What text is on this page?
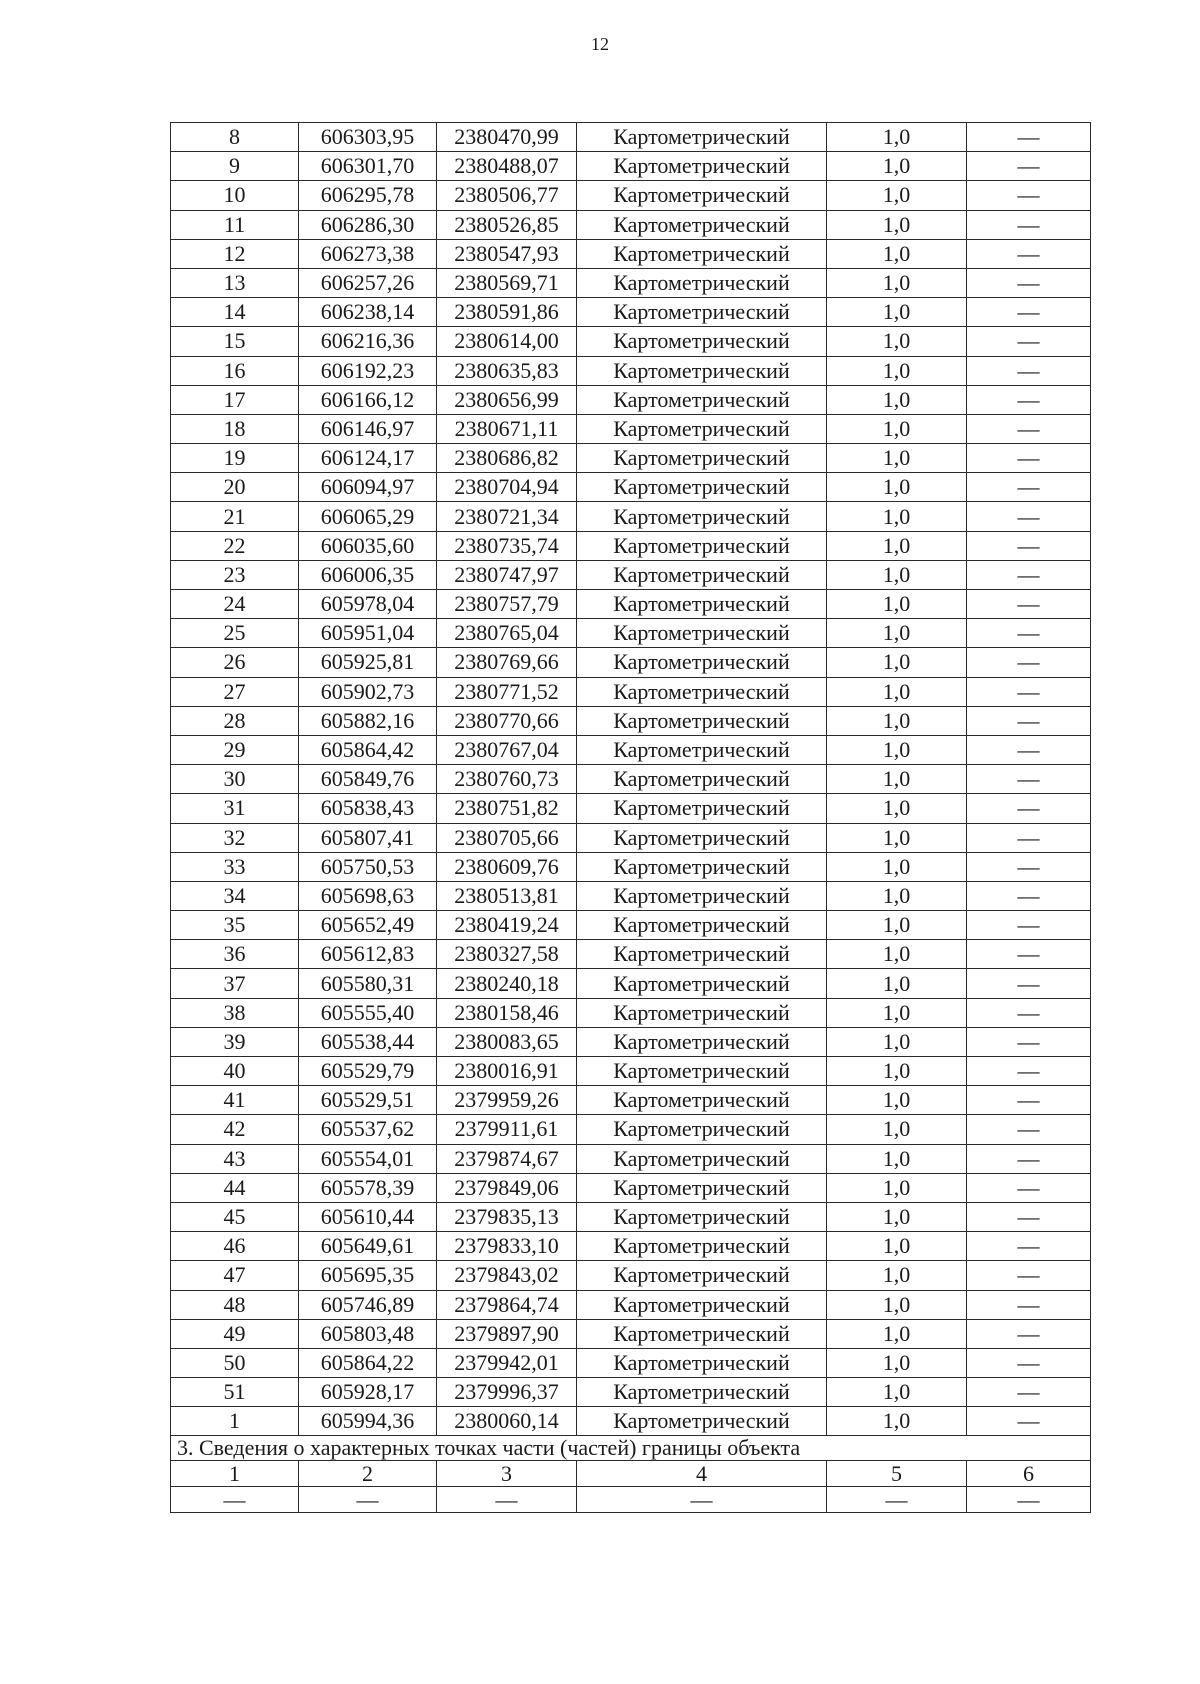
12
8	606303,95	2380470,99	Картометрический	1,0	—
9	606301,70	2380488,07	Картометрический	1,0	—
10	606295,78	2380506,77	Картометрический	1,0	—
11	606286,30	2380526,85	Картометрический	1,0	—
12	606273,38	2380547,93	Картометрический	1,0	—
13	606257,26	2380569,71	Картометрический	1,0	—
14	606238,14	2380591,86	Картометрический	1,0	—
15	606216,36	2380614,00	Картометрический	1,0	—
16	606192,23	2380635,83	Картометрический	1,0	—
17	606166,12	2380656,99	Картометрический	1,0	—
18	606146,97	2380671,11	Картометрический	1,0	—
19	606124,17	2380686,82	Картометрический	1,0	—
20	606094,97	2380704,94	Картометрический	1,0	—
21	606065,29	2380721,34	Картометрический	1,0	—
22	606035,60	2380735,74	Картометрический	1,0	—
23	606006,35	2380747,97	Картометрический	1,0	—
24	605978,04	2380757,79	Картометрический	1,0	—
25	605951,04	2380765,04	Картометрический	1,0	—
26	605925,81	2380769,66	Картометрический	1,0	—
27	605902,73	2380771,52	Картометрический	1,0	—
28	605882,16	2380770,66	Картометрический	1,0	—
29	605864,42	2380767,04	Картометрический	1,0	—
30	605849,76	2380760,73	Картометрический	1,0	—
31	605838,43	2380751,82	Картометрический	1,0	—
32	605807,41	2380705,66	Картометрический	1,0	—
33	605750,53	2380609,76	Картометрический	1,0	—
34	605698,63	2380513,81	Картометрический	1,0	—
35	605652,49	2380419,24	Картометрический	1,0	—
36	605612,83	2380327,58	Картометрический	1,0	—
37	605580,31	2380240,18	Картометрический	1,0	—
38	605555,40	2380158,46	Картометрический	1,0	—
39	605538,44	2380083,65	Картометрический	1,0	—
40	605529,79	2380016,91	Картометрический	1,0	—
41	605529,51	2379959,26	Картометрический	1,0	—
42	605537,62	2379911,61	Картометрический	1,0	—
43	605554,01	2379874,67	Картометрический	1,0	—
44	605578,39	2379849,06	Картометрический	1,0	—
45	605610,44	2379835,13	Картометрический	1,0	—
46	605649,61	2379833,10	Картометрический	1,0	—
47	605695,35	2379843,02	Картометрический	1,0	—
48	605746,89	2379864,74	Картометрический	1,0	—
49	605803,48	2379897,90	Картометрический	1,0	—
50	605864,22	2379942,01	Картометрический	1,0	—
51	605928,17	2379996,37	Картометрический	1,0	—
1	605994,36	2380060,14	Картометрический	1,0	—
3. Сведения о характерных точках части (частей) границы объекта					
1	2	3	4	5	6
—	—	—	—	—	—
